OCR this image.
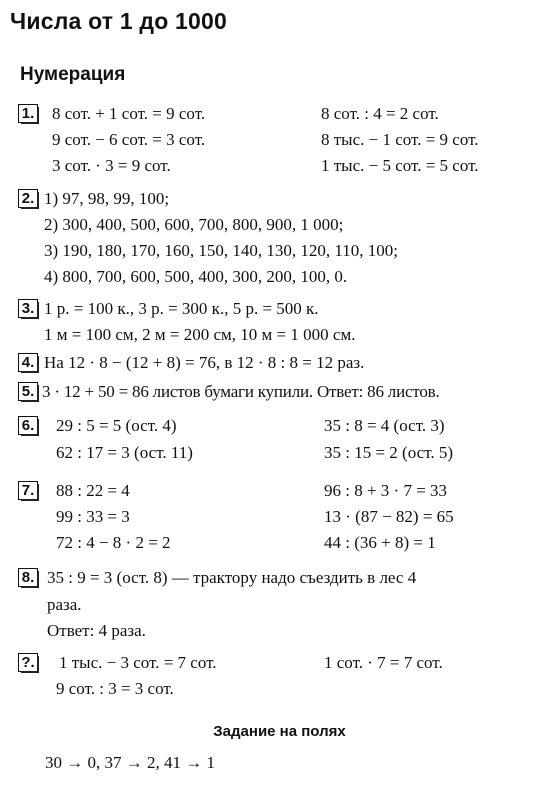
Числа от 1 до 1000
Нумерация
1. 8 сот. + 1 сот. = 9 сот.
9 сот. − 6 сот. = 3 сот.
3 сот. · 3 = 9 сот.
8 сот. : 4 = 2 сот.
8 тыс. − 1 сот. = 9 сот.
1 тыс. − 5 сот. = 5 сот.
2. 1) 97, 98, 99, 100;
2) 300, 400, 500, 600, 700, 800, 900, 1 000;
3) 190, 180, 170, 160, 150, 140, 130, 120, 110, 100;
4) 800, 700, 600, 500, 400, 300, 200, 100, 0.
3. 1 р. = 100 к., 3 р. = 300 к., 5 р. = 500 к.
1 м = 100 см, 2 м = 200 см, 10 м = 1 000 см.
4. На 12 · 8 − (12 + 8) = 76, в 12 · 8 : 8 = 12 раз.
5. 3 · 12 + 50 = 86 листов бумаги купили. Ответ: 86 листов.
6. 29 : 5 = 5 (ост. 4)
62 : 17 = 3 (ост. 11)
35 : 8 = 4 (ост. 3)
35 : 15 = 2 (ост. 5)
7. 88 : 22 = 4
99 : 33 = 3
72 : 4 − 8 · 2 = 2
96 : 8 + 3 · 7 = 33
13 · (87 − 82) = 65
44 : (36 + 8) = 1
8. 35 : 9 = 3 (ост. 8) — трактору надо съездить в лес 4
раза.
Ответ: 4 раза.
?. 1 тыс. − 3 сот. = 7 сот.
9 сот. : 3 = 3 сот.
1 сот. · 7 = 7 сот.
Задание на полях
30 → 0, 37 → 2, 41 → 1
